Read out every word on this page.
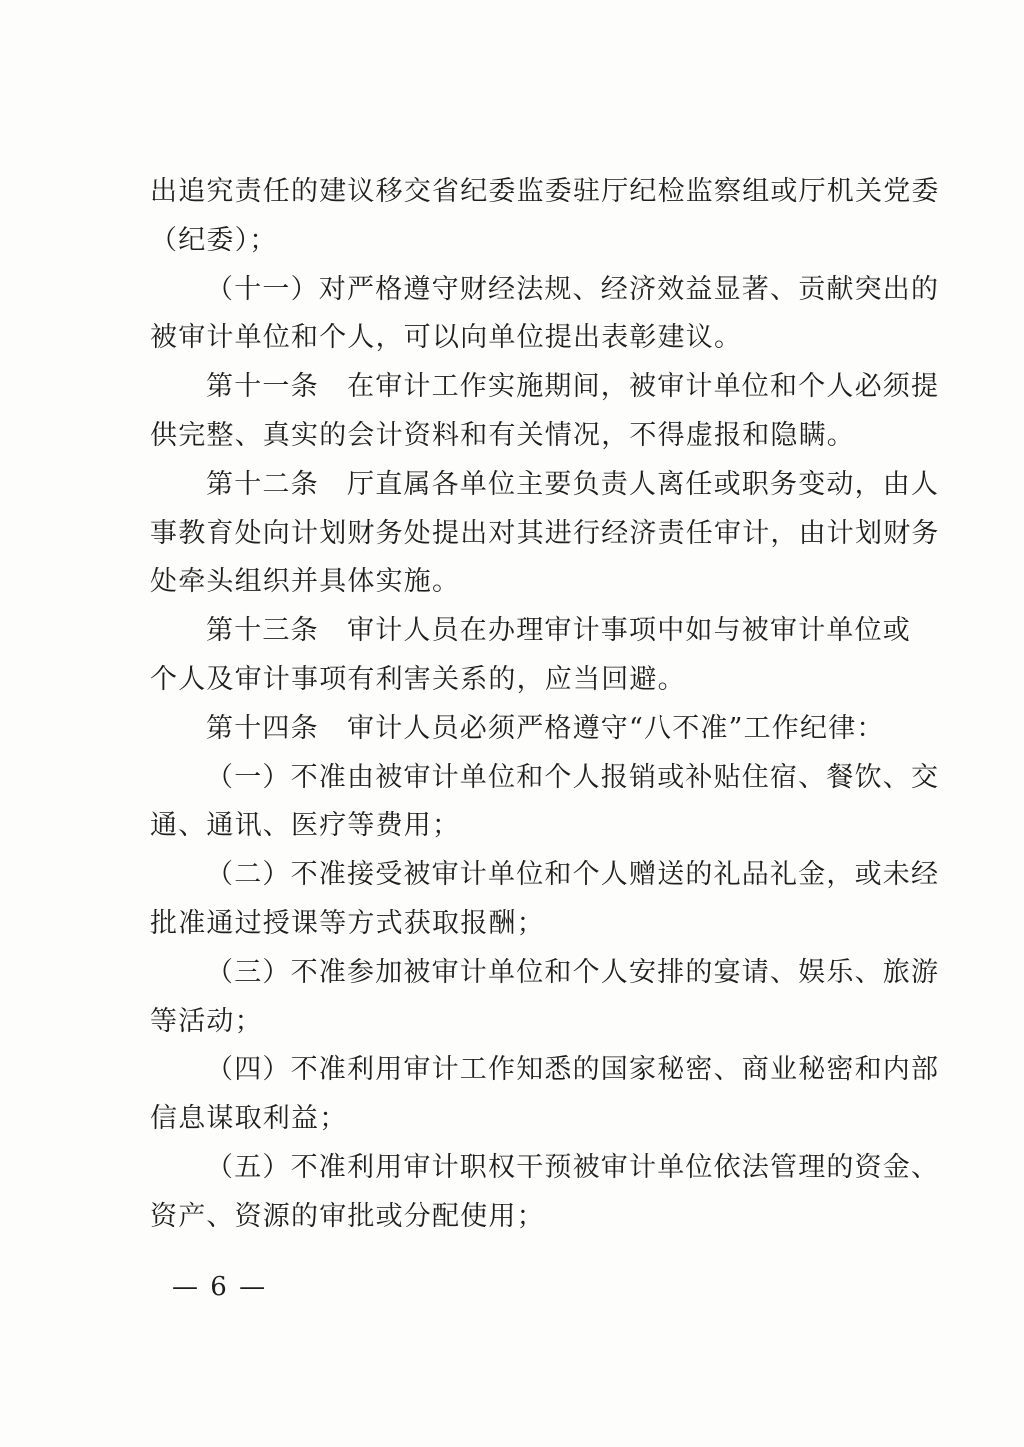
出追究责任的建议移交省纪委监委驻厅纪检监察组或厅机关党委
（纪委）；
（十一）对严格遵守财经法规、经济效益显著、贡献突出的
被审计单位和个人，可以向单位提出表彰建议。
第十一条　在审计工作实施期间，被审计单位和个人必须提
供完整、真实的会计资料和有关情况，不得虚报和隐瞒。
第十二条　厅直属各单位主要负责人离任或职务变动，由人
事教育处向计划财务处提出对其进行经济责任审计，由计划财务
处牵头组织并具体实施。
第十三条　审计人员在办理审计事项中如与被审计单位或
个人及审计事项有利害关系的，应当回避。
第十四条　审计人员必须严格遵守“八不准”工作纪律：
（一）不准由被审计单位和个人报销或补贴住宿、餐饮、交
通、通讯、医疗等费用；
（二）不准接受被审计单位和个人赠送的礼品礼金，或未经
批准通过授课等方式获取报酬；
（三）不准参加被审计单位和个人安排的宴请、娱乐、旅游
等活动；
（四）不准利用审计工作知悉的国家秘密、商业秘密和内部
信息谋取利益；
（五）不准利用审计职权干预被审计单位依法管理的资金、
资产、资源的审批或分配使用；
— 6 —
